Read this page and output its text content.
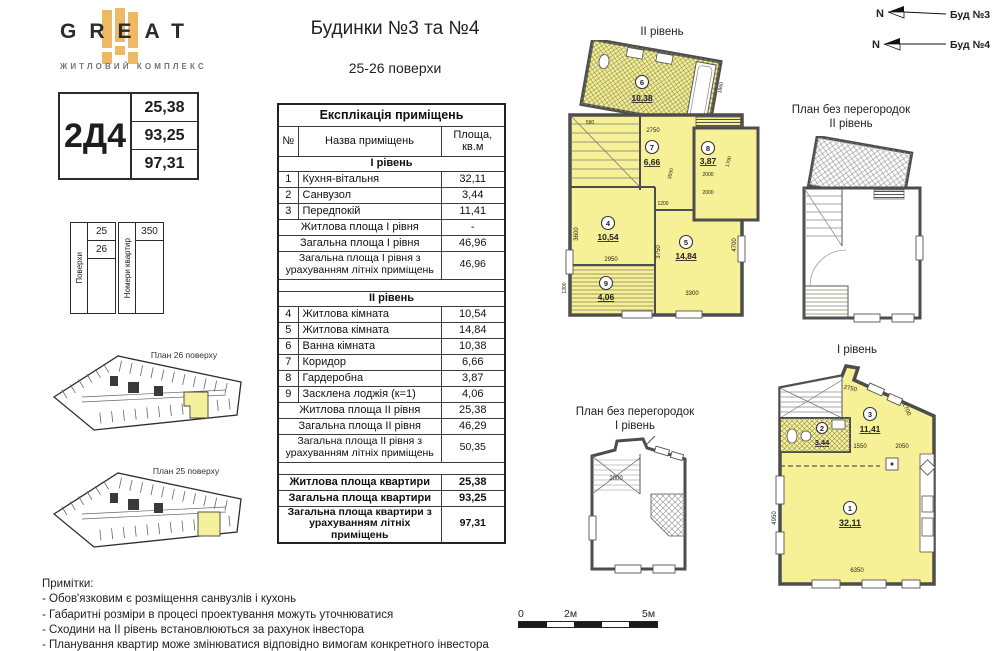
GREAT
ЖИТЛОВИЙ КОМПЛЕКС
Будинки №3 та №4
25-26 поверхи
N	Буд №3
N	Буд №4
2Д4
25,38
93,25
97,31
Поверхи
25
26	Номери квартир
350
Експлікація приміщень		
№	Назва приміщень	Площа,
кв.м

І рівень		
1	Кухня-вітальня	32,11
2	Санвузол	3,44
3	Передпокій	11,41
Житлова площа І рівня		-
Загальна площа І рівня		46,96
Загальна площа І рівня з урахуванням літніх приміщень		46,96

ІІ рівень		
4	Житлова кімната	10,54
5	Житлова кімната	14,84
6	Ванна кімната	10,38
7	Коридор	6,66
8	Гардеробна	3,87
9	Засклена лоджія (к=1)	4,06
Житлова площа ІІ рівня		25,38
Загальна площа ІІ рівня		46,29
Загальна площа ІІ рівня з урахуванням літніх приміщень		50,35

Житлова площа квартири		25,38
Загальна площа квартири		93,25
Загальна площа квартири з урахуванням літніх приміщень		97,31
ІІ рівень
6
10,38
7
6,66
8
3,87
4
10,54
5
14,84
9
4,06
2750
590
1860
2000
1700
2000
3550
1200
3600
2950
3750
4700
3300
1300
План без перегородок
ІІ рівень
План без перегородок
І рівень
2000
І рівень
3
11,41
2
3,44
1
32,11
2750
1700
1550	2050
4950
6350
План 26 поверху
План 25 поверху
0	2м	5м
Примітки:
- Обов'язковим є розміщення санвузлів і кухонь
- Габаритні розміри в процесі проектування можуть уточнюватися
- Сходини на ІІ рівень встановлюються за рахунок інвестора
- Планування квартир може змінюватися відповідно вимогам конкретного інвестора
